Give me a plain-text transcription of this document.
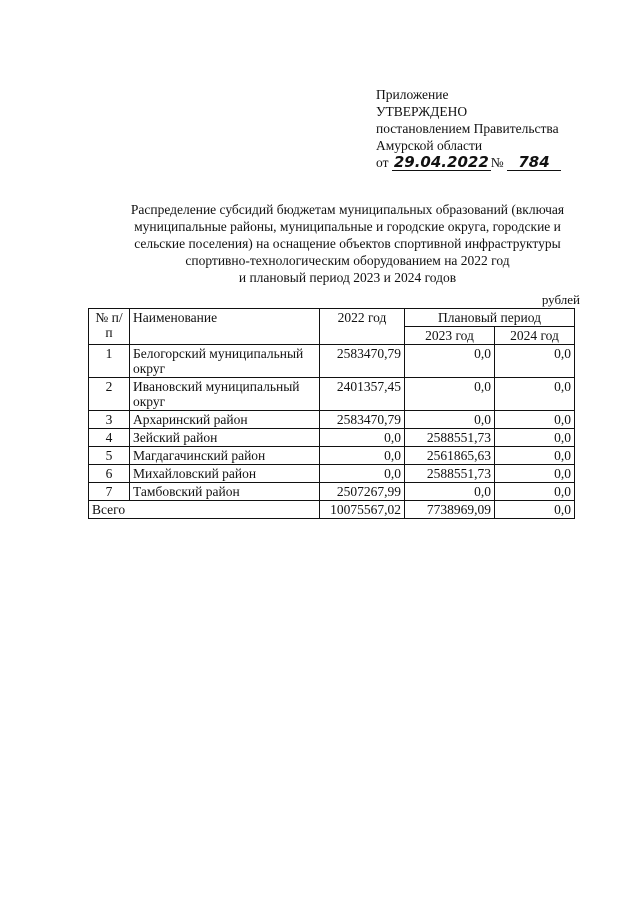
Приложение
УТВЕРЖДЕНО
постановлением Правительства
Амурской области
от 29.04.2022 № 784
Распределение субсидий бюджетам муниципальных образований (включая
муниципальные районы, муниципальные и городские округа, городские и
сельские поселения) на оснащение объектов спортивной инфраструктуры
спортивно-технологическим оборудованием на 2022 год
и плановый период 2023 и 2024 годов
рублей
№ п/п	Наименование	2022 год	Плановый период	
			2023 год	2024 год
1	Белогорский муниципальный округ	2583470,79	0,0	0,0
2	Ивановский муниципальный округ	2401357,45	0,0	0,0
3	Архаринский район	2583470,79	0,0	0,0
4	Зейский район	0,0	2588551,73	0,0
5	Магдагачинский район	0,0	2561865,63	0,0
6	Михайловский район	0,0	2588551,73	0,0
7	Тамбовский район	2507267,99	0,0	0,0
Всего		10075567,02	7738969,09	0,0
